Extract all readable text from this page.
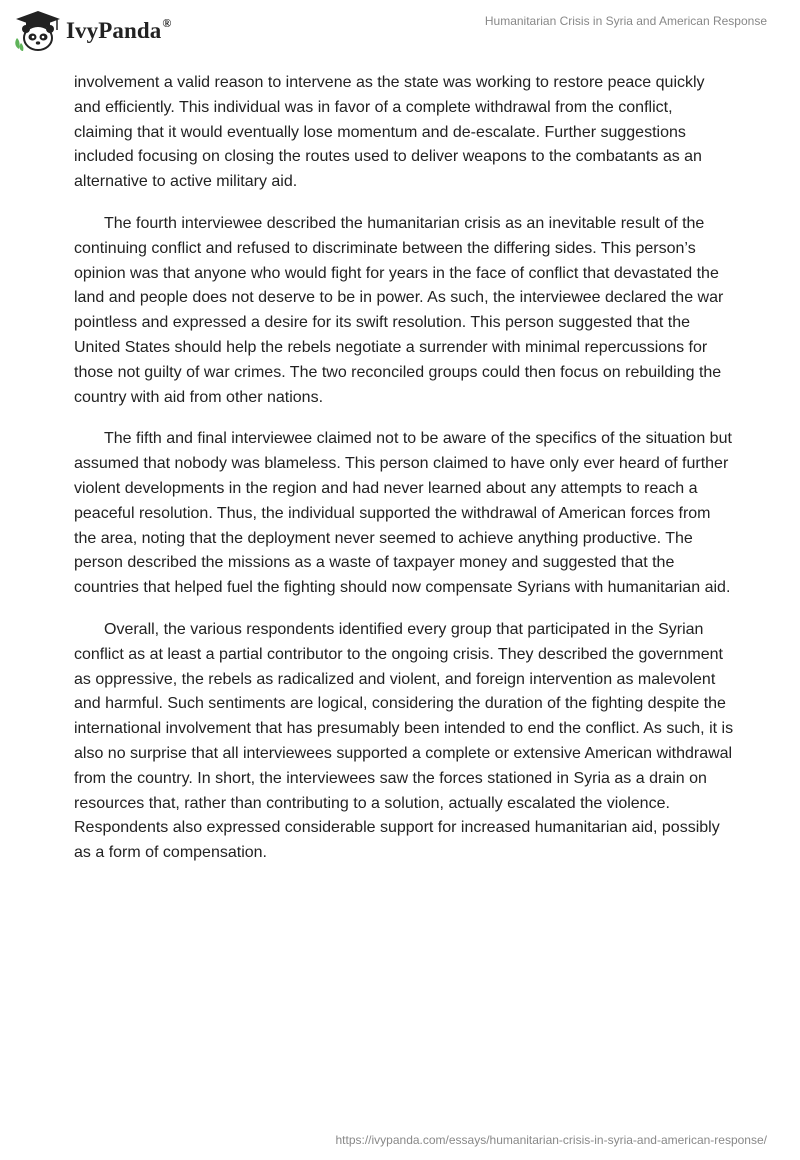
IvyPanda®	Humanitarian Crisis in Syria and American Response

involvement a valid reason to intervene as the state was working to restore peace quickly and efficiently. This individual was in favor of a complete withdrawal from the conflict, claiming that it would eventually lose momentum and de-escalate. Further suggestions included focusing on closing the routes used to deliver weapons to the combatants as an alternative to active military aid.

The fourth interviewee described the humanitarian crisis as an inevitable result of the continuing conflict and refused to discriminate between the differing sides. This person’s opinion was that anyone who would fight for years in the face of conflict that devastated the land and people does not deserve to be in power. As such, the interviewee declared the war pointless and expressed a desire for its swift resolution. This person suggested that the United States should help the rebels negotiate a surrender with minimal repercussions for those not guilty of war crimes. The two reconciled groups could then focus on rebuilding the country with aid from other nations.

The fifth and final interviewee claimed not to be aware of the specifics of the situation but assumed that nobody was blameless. This person claimed to have only ever heard of further violent developments in the region and had never learned about any attempts to reach a peaceful resolution. Thus, the individual supported the withdrawal of American forces from the area, noting that the deployment never seemed to achieve anything productive. The person described the missions as a waste of taxpayer money and suggested that the countries that helped fuel the fighting should now compensate Syrians with humanitarian aid.

Overall, the various respondents identified every group that participated in the Syrian conflict as at least a partial contributor to the ongoing crisis. They described the government as oppressive, the rebels as radicalized and violent, and foreign intervention as malevolent and harmful. Such sentiments are logical, considering the duration of the fighting despite the international involvement that has presumably been intended to end the conflict. As such, it is also no surprise that all interviewees supported a complete or extensive American withdrawal from the country. In short, the interviewees saw the forces stationed in Syria as a drain on resources that, rather than contributing to a solution, actually escalated the violence. Respondents also expressed considerable support for increased humanitarian aid, possibly as a form of compensation.

https://ivypanda.com/essays/humanitarian-crisis-in-syria-and-american-response/
